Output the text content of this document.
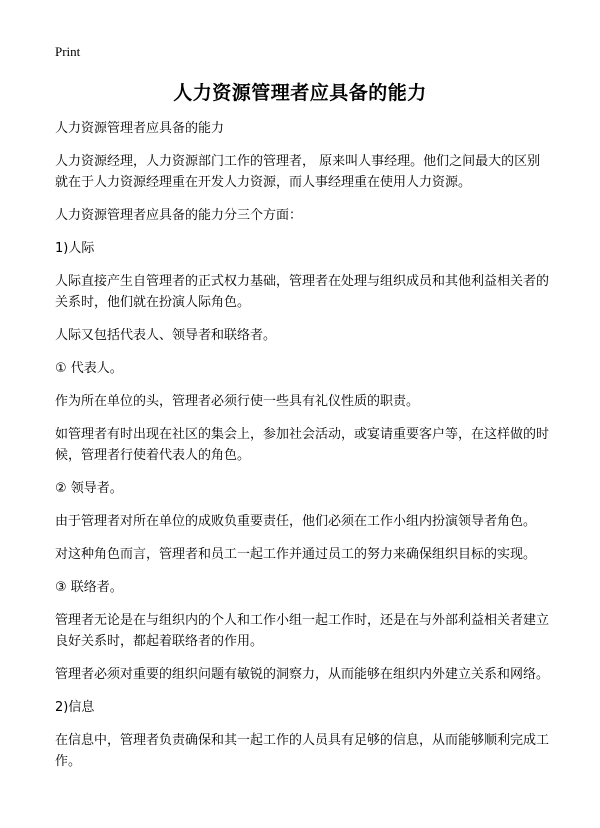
Print
人力资源管理者应具备的能力

人力资源管理者应具备的能力

人力资源经理，人力资源部门工作的管理者， 原来叫人事经理。他们之间最大的区别就在于人力资源经理重在开发人力资源，而人事经理重在使用人力资源。

人力资源管理者应具备的能力分三个方面：

1)人际

人际直接产生自管理者的正式权力基础，管理者在处理与组织成员和其他利益相关者的关系时，他们就在扮演人际角色。

人际又包括代表人、领导者和联络者。

① 代表人。

作为所在单位的头，管理者必须行使一些具有礼仪性质的职责。

如管理者有时出现在社区的集会上，参加社会活动，或宴请重要客户等，在这样做的时候，管理者行使着代表人的角色。

② 领导者。

由于管理者对所在单位的成败负重要责任，他们必须在工作小组内扮演领导者角色。

对这种角色而言，管理者和员工一起工作并通过员工的努力来确保组织目标的实现。

③ 联络者。

管理者无论是在与组织内的个人和工作小组一起工作时，还是在与外部利益相关者建立良好关系时，都起着联络者的作用。

管理者必须对重要的组织问题有敏锐的洞察力，从而能够在组织内外建立关系和网络。

2)信息

在信息中，管理者负责确保和其一起工作的人员具有足够的信息，从而能够顺利完成工作。
